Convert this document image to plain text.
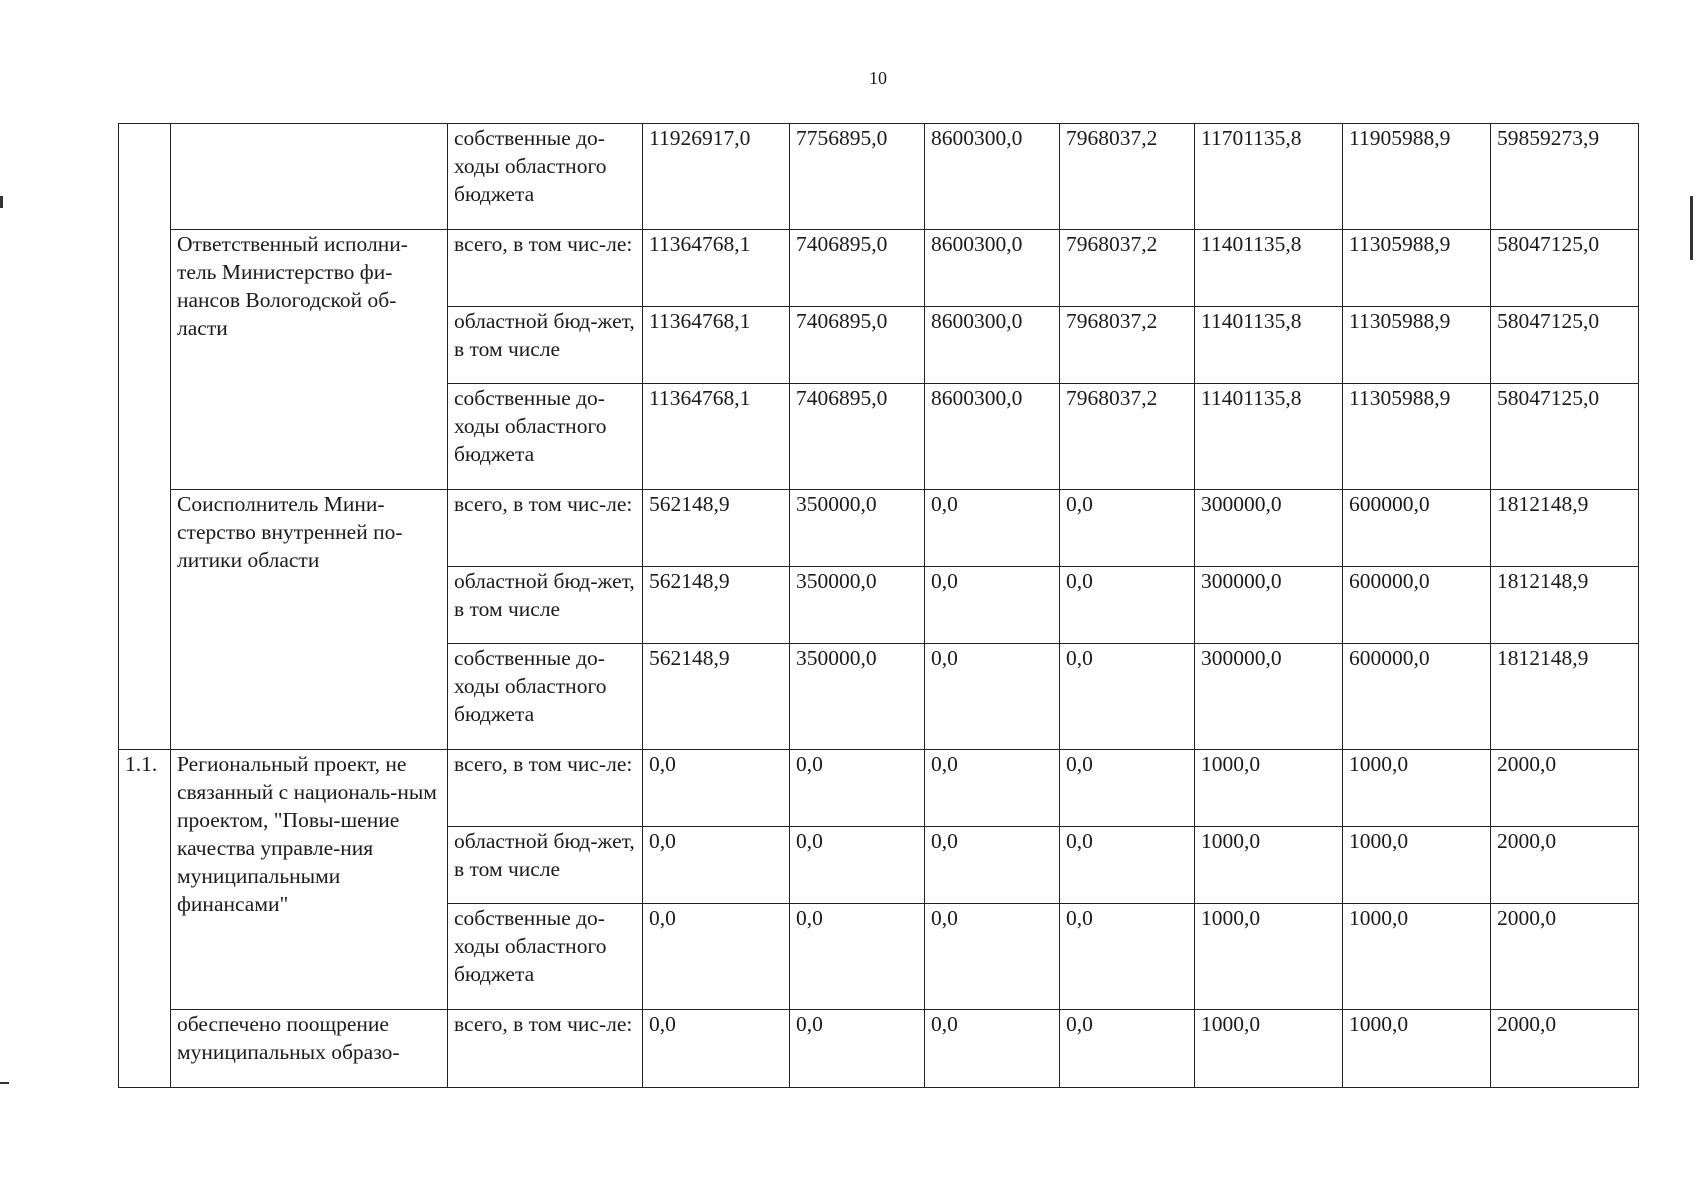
10
		собственные до-ходы областного бюджета	11926917,0	7756895,0	8600300,0	7968037,2	11701135,8	11905988,9	59859273,9
	Ответственный исполни-тель Министерство фи-нансов Вологодской об-ласти	всего, в том чис-ле:	11364768,1	7406895,0	8600300,0	7968037,2	11401135,8	11305988,9	58047125,0
		областной бюд-жет, в том числе	11364768,1	7406895,0	8600300,0	7968037,2	11401135,8	11305988,9	58047125,0
		собственные до-ходы областного бюджета	11364768,1	7406895,0	8600300,0	7968037,2	11401135,8	11305988,9	58047125,0
	Соисполнитель Мини-стерство внутренней по-литики области	всего, в том чис-ле:	562148,9	350000,0	0,0	0,0	300000,0	600000,0	1812148,9
		областной бюд-жет, в том числе	562148,9	350000,0	0,0	0,0	300000,0	600000,0	1812148,9
		собственные до-ходы областного бюджета	562148,9	350000,0	0,0	0,0	300000,0	600000,0	1812148,9
1.1.	Региональный проект, не связанный с националь-ным проектом, "Повы-шение качества управле-ния муниципальными финансами"	всего, в том чис-ле:	0,0	0,0	0,0	0,0	1000,0	1000,0	2000,0
		областной бюд-жет, в том числе	0,0	0,0	0,0	0,0	1000,0	1000,0	2000,0
		собственные до-ходы областного бюджета	0,0	0,0	0,0	0,0	1000,0	1000,0	2000,0
	обеспечено поощрение муниципальных образо-	всего, в том чис-ле:	0,0	0,0	0,0	0,0	1000,0	1000,0	2000,0
